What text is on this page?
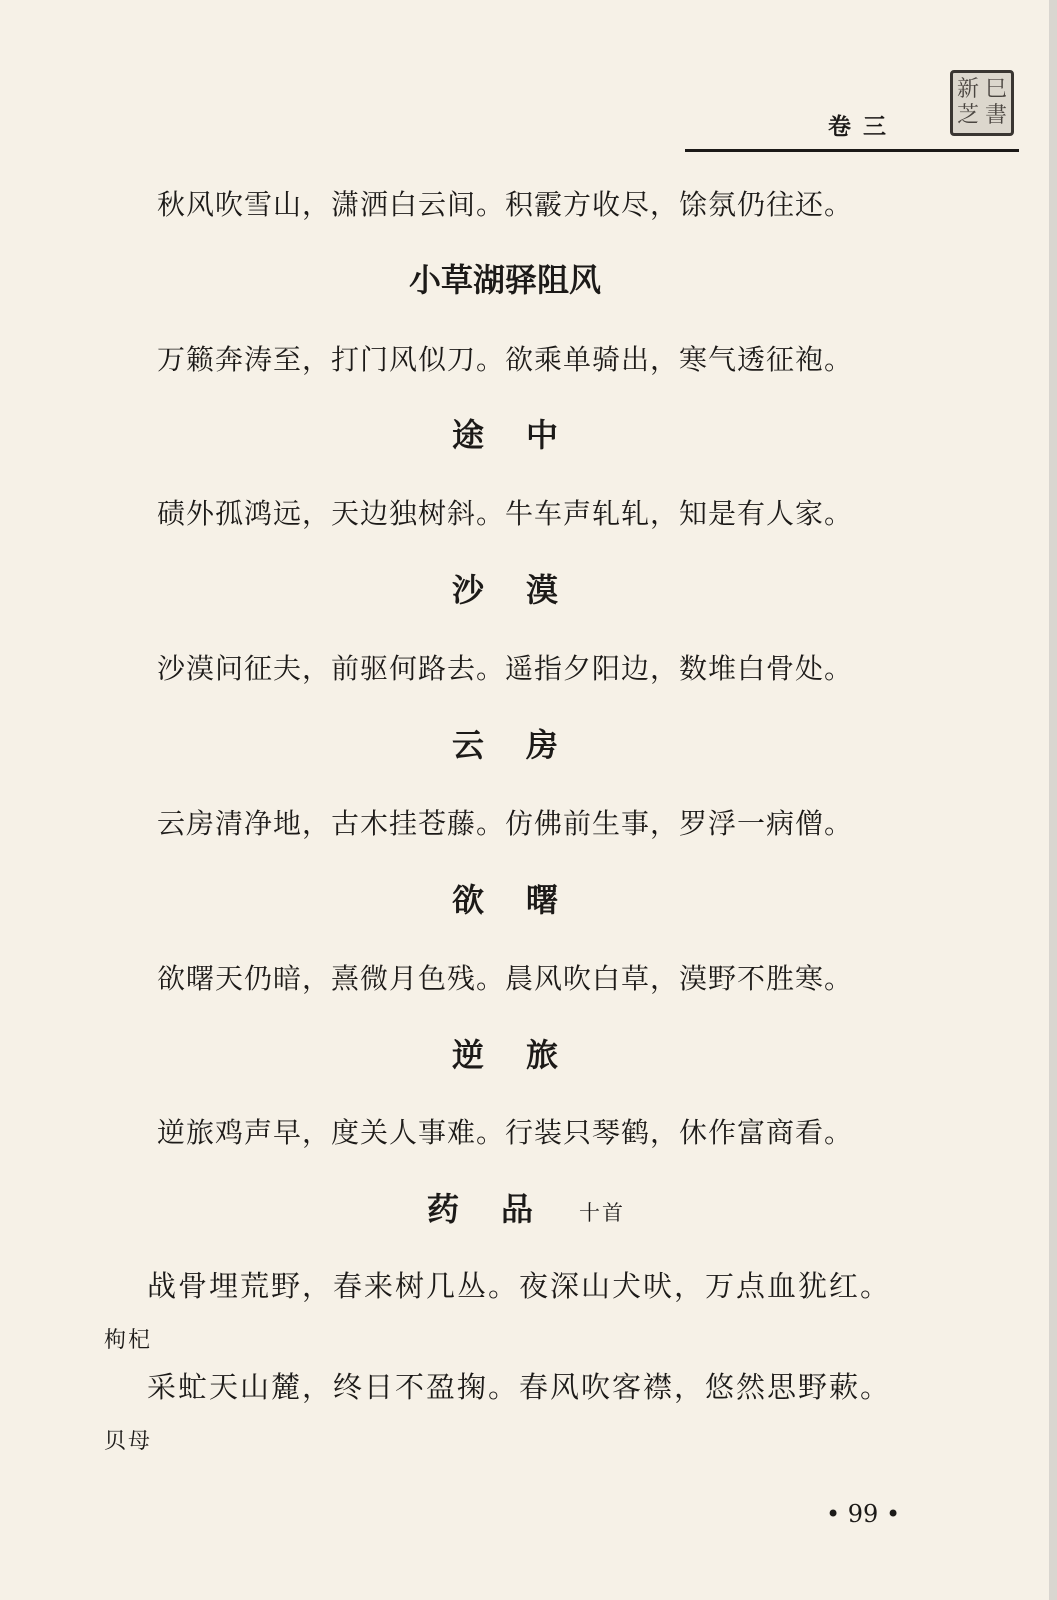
新 巳
芝 書
卷三
秋风吹雪山，潇洒白云间。积霰方收尽，馀氛仍往还。
小草湖驿阻风
万籁奔涛至，打门风似刀。欲乘单骑出，寒气透征袍。
途中
碛外孤鸿远，天边独树斜。牛车声轧轧，知是有人家。
沙漠
沙漠问征夫，前驱何路去。遥指夕阳边，数堆白骨处。
云房
云房清净地，古木挂苍藤。仿佛前生事，罗浮一病僧。
欲曙
欲曙天仍暗，熹微月色残。晨风吹白草，漠野不胜寒。
逆旅
逆旅鸡声早，度关人事难。行装只琴鹤，休作富商看。
药品 十首
战骨埋荒野，春来树几丛。夜深山犬吠，万点血犹红。
枸杞
采虻天山麓，终日不盈掬。春风吹客襟，悠然思野蔌。
贝母
• 99 •
